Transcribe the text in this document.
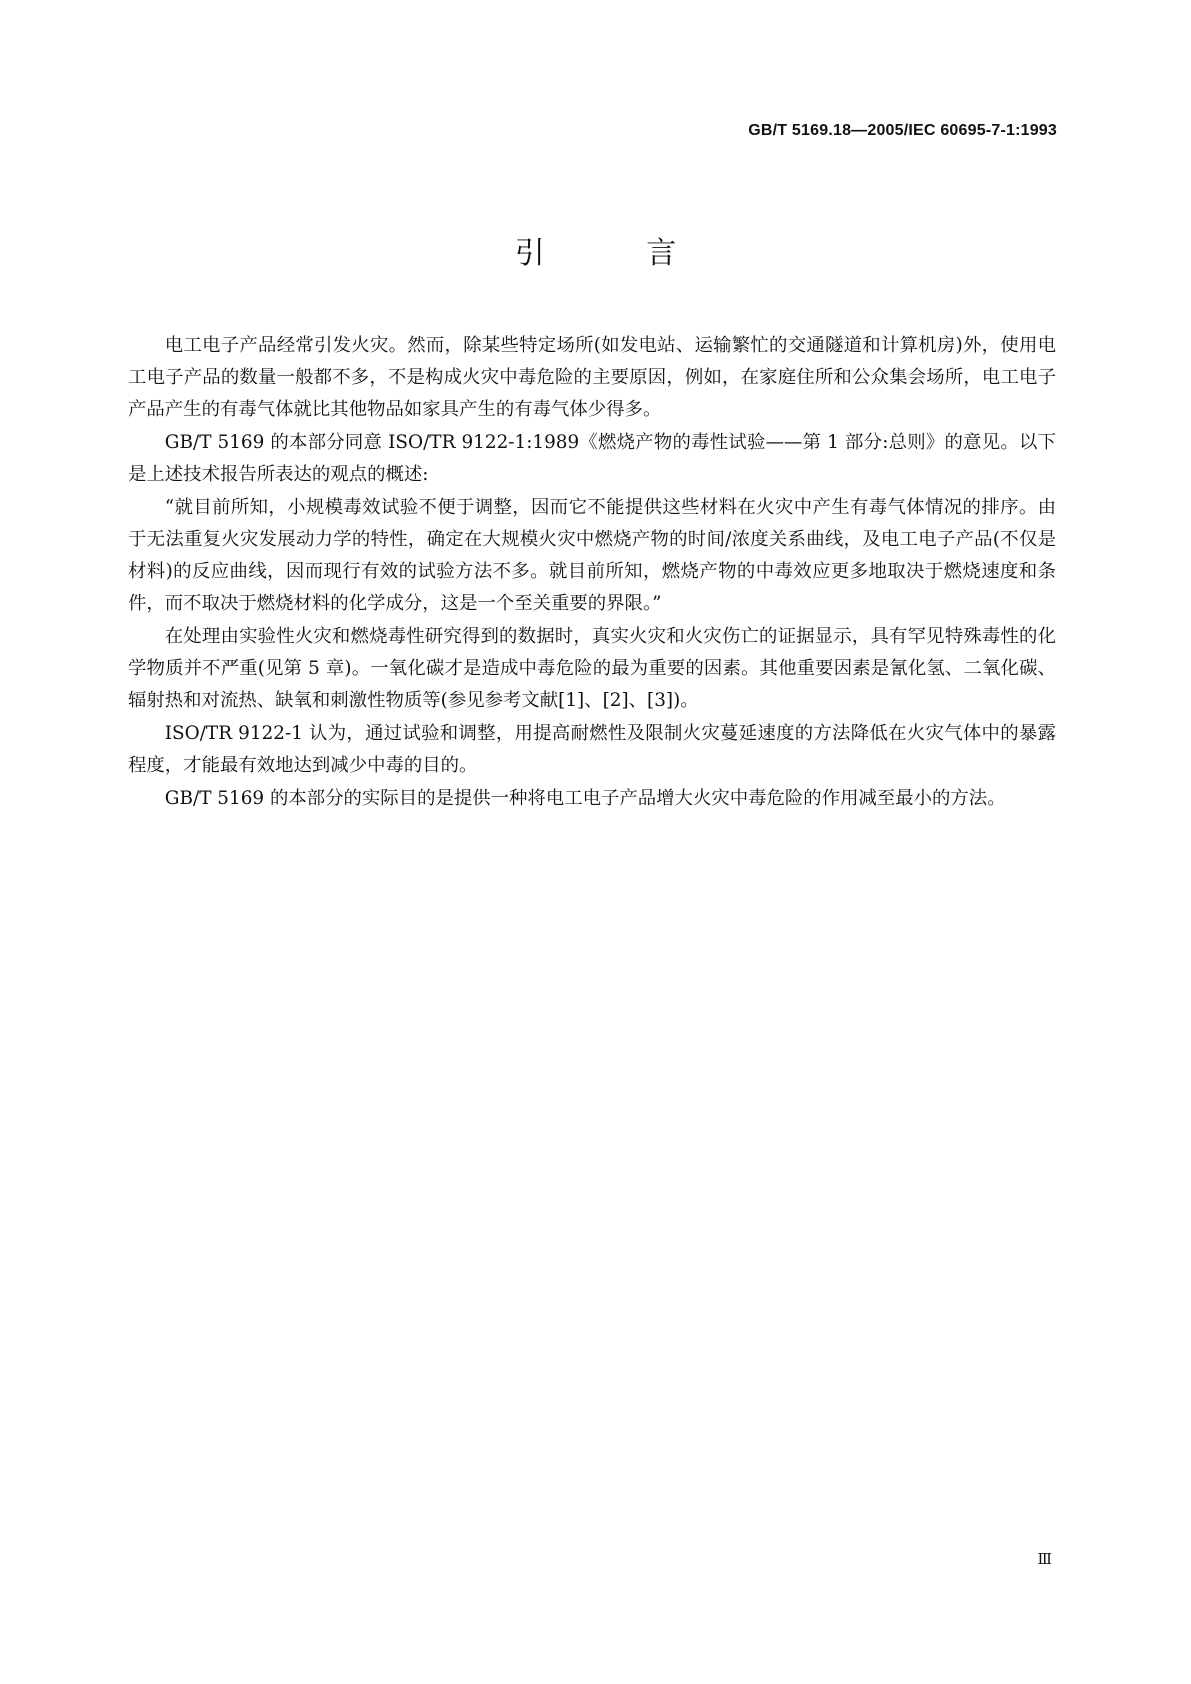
GB/T 5169.18—2005/IEC 60695-7-1:1993
引 言

电工电子产品经常引发火灾。然而，除某些特定场所(如发电站、运输繁忙的交通隧道和计算机房)外，使用电工电子产品的数量一般都不多，不是构成火灾中毒危险的主要原因，例如，在家庭住所和公众集会场所，电工电子产品产生的有毒气体就比其他物品如家具产生的有毒气体少得多。

GB/T 5169 的本部分同意 ISO/TR 9122-1:1989《燃烧产物的毒性试验——第 1 部分:总则》的意见。以下是上述技术报告所表达的观点的概述:

“就目前所知，小规模毒效试验不便于调整，因而它不能提供这些材料在火灾中产生有毒气体情况的排序。由于无法重复火灾发展动力学的特性，确定在大规模火灾中燃烧产物的时间/浓度关系曲线，及电工电子产品(不仅是材料)的反应曲线，因而现行有效的试验方法不多。就目前所知，燃烧产物的中毒效应更多地取决于燃烧速度和条件，而不取决于燃烧材料的化学成分，这是一个至关重要的界限。”

在处理由实验性火灾和燃烧毒性研究得到的数据时，真实火灾和火灾伤亡的证据显示，具有罕见特殊毒性的化学物质并不严重(见第 5 章)。一氧化碳才是造成中毒危险的最为重要的因素。其他重要因素是氰化氢、二氧化碳、辐射热和对流热、缺氧和刺激性物质等(参见参考文献[1]、[2]、[3])。

ISO/TR 9122-1 认为，通过试验和调整，用提高耐燃性及限制火灾蔓延速度的方法降低在火灾气体中的暴露程度，才能最有效地达到减少中毒的目的。

GB/T 5169 的本部分的实际目的是提供一种将电工电子产品增大火灾中毒危险的作用减至最小的方法。

Ⅲ
